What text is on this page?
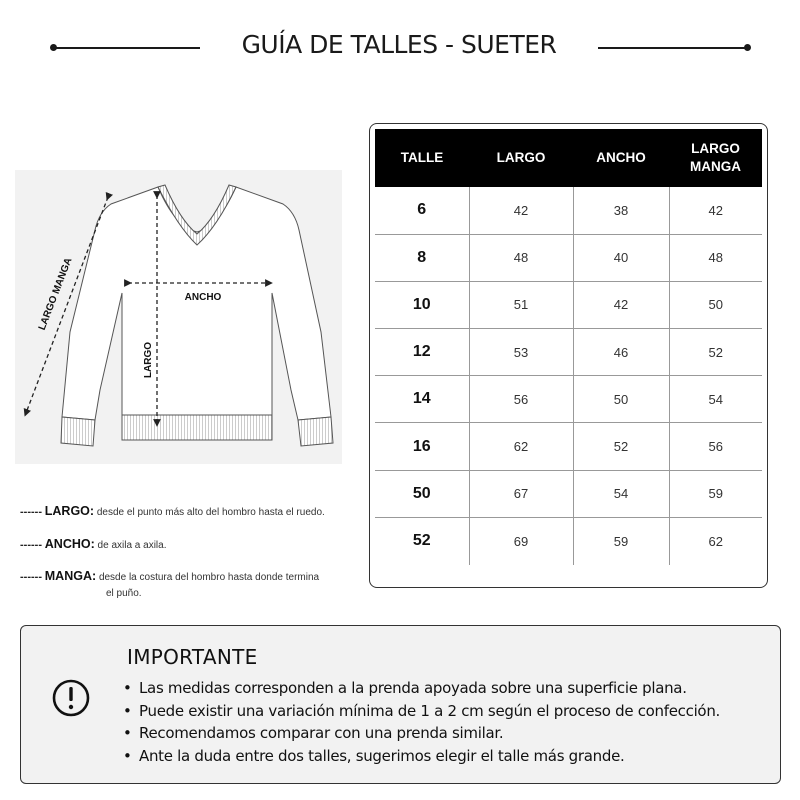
GUÍA DE TALLES - SUETER
ANCHO
LARGO
LARGO MANGA
------ LARGO: desde el punto más alto del hombro hasta el ruedo.
------ ANCHO: de axila a axila.
------ MANGA: desde la costura del hombro hasta donde termina
el puño.
TALLE	LARGO	ANCHO	LARGO MANGA
6	42	38	42
8	48	40	48
10	51	42	50
12	53	46	52
14	56	50	54
16	62	52	56
50	67	54	59
52	69	59	62
IMPORTANTE
• Las medidas corresponden a la prenda apoyada sobre una superficie plana.
• Puede existir una variación mínima de 1 a 2 cm según el proceso de confección.
• Recomendamos comparar con una prenda similar.
• Ante la duda entre dos talles, sugerimos elegir el talle más grande.
